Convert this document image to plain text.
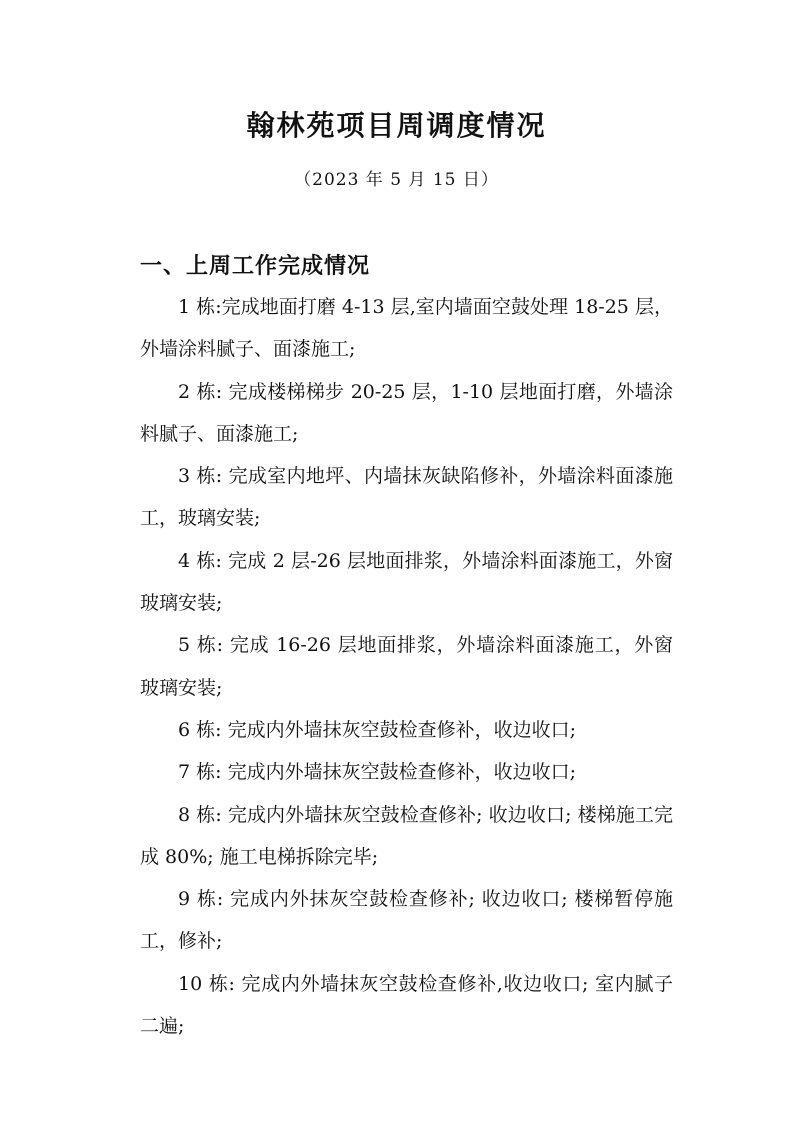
翰林苑项目周调度情况
（2023 年 5 月 15 日）
一、上周工作完成情况

1 栋:完成地面打磨 4-13 层,室内墙面空鼓处理 18-25 层，外墙涂料腻子、面漆施工;

2 栋: 完成楼梯梯步 20-25 层，1-10 层地面打磨，外墙涂料腻子、面漆施工;

3 栋: 完成室内地坪、内墙抹灰缺陷修补，外墙涂料面漆施工，玻璃安装;

4 栋: 完成 2 层-26 层地面排浆，外墙涂料面漆施工，外窗玻璃安装;

5 栋: 完成 16-26 层地面排浆，外墙涂料面漆施工，外窗玻璃安装;

6 栋: 完成内外墙抹灰空鼓检查修补，收边收口;

7 栋: 完成内外墙抹灰空鼓检查修补，收边收口;

8 栋: 完成内外墙抹灰空鼓检查修补; 收边收口; 楼梯施工完成 80%; 施工电梯拆除完毕;

9 栋: 完成内外抹灰空鼓检查修补; 收边收口; 楼梯暂停施工，修补;

10 栋: 完成内外墙抹灰空鼓检查修补,收边收口; 室内腻子二遍;
